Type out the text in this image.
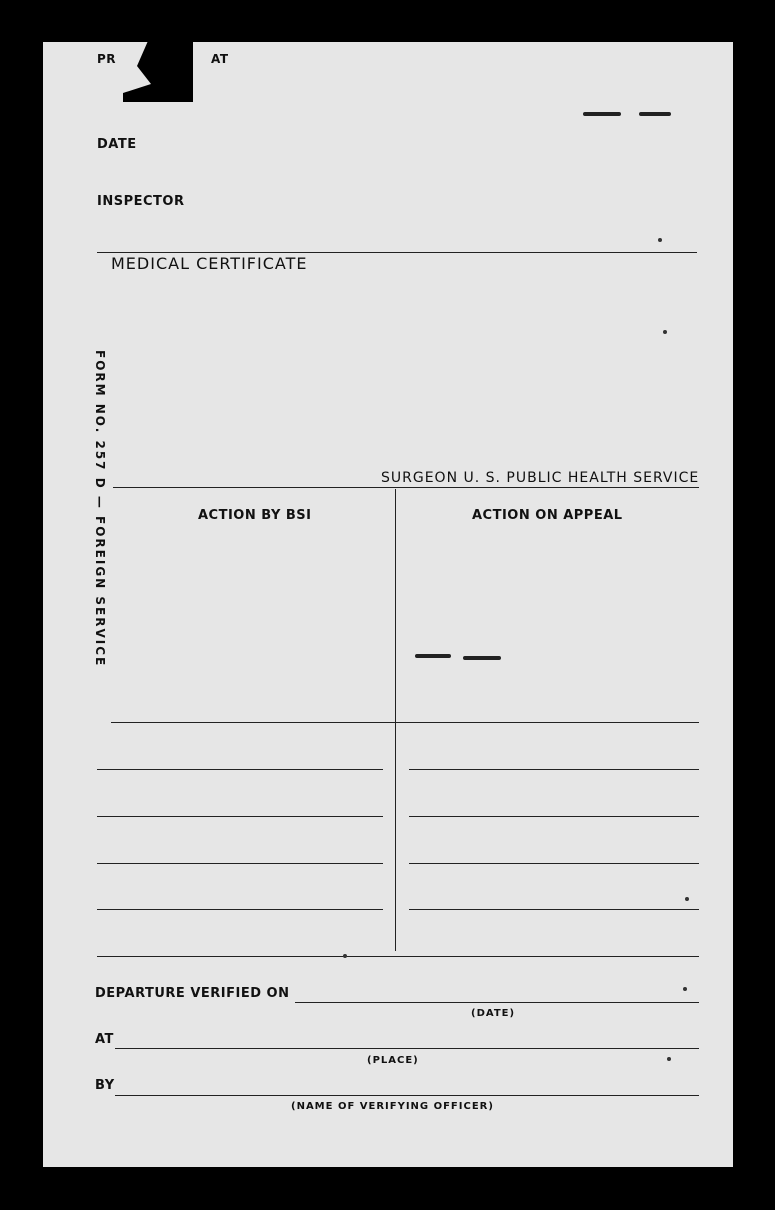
PR	AT
DATE
INSPECTOR
MEDICAL CERTIFICATE
FORM NO. 257 D — FOREIGN SERVICE	SURGEON U. S. PUBLIC HEALTH SERVICE
ACTION BY BSI	ACTION ON APPEAL
DEPARTURE VERIFIED ON
(DATE)
AT
(PLACE)
BY
(NAME OF VERIFYING OFFICER)
